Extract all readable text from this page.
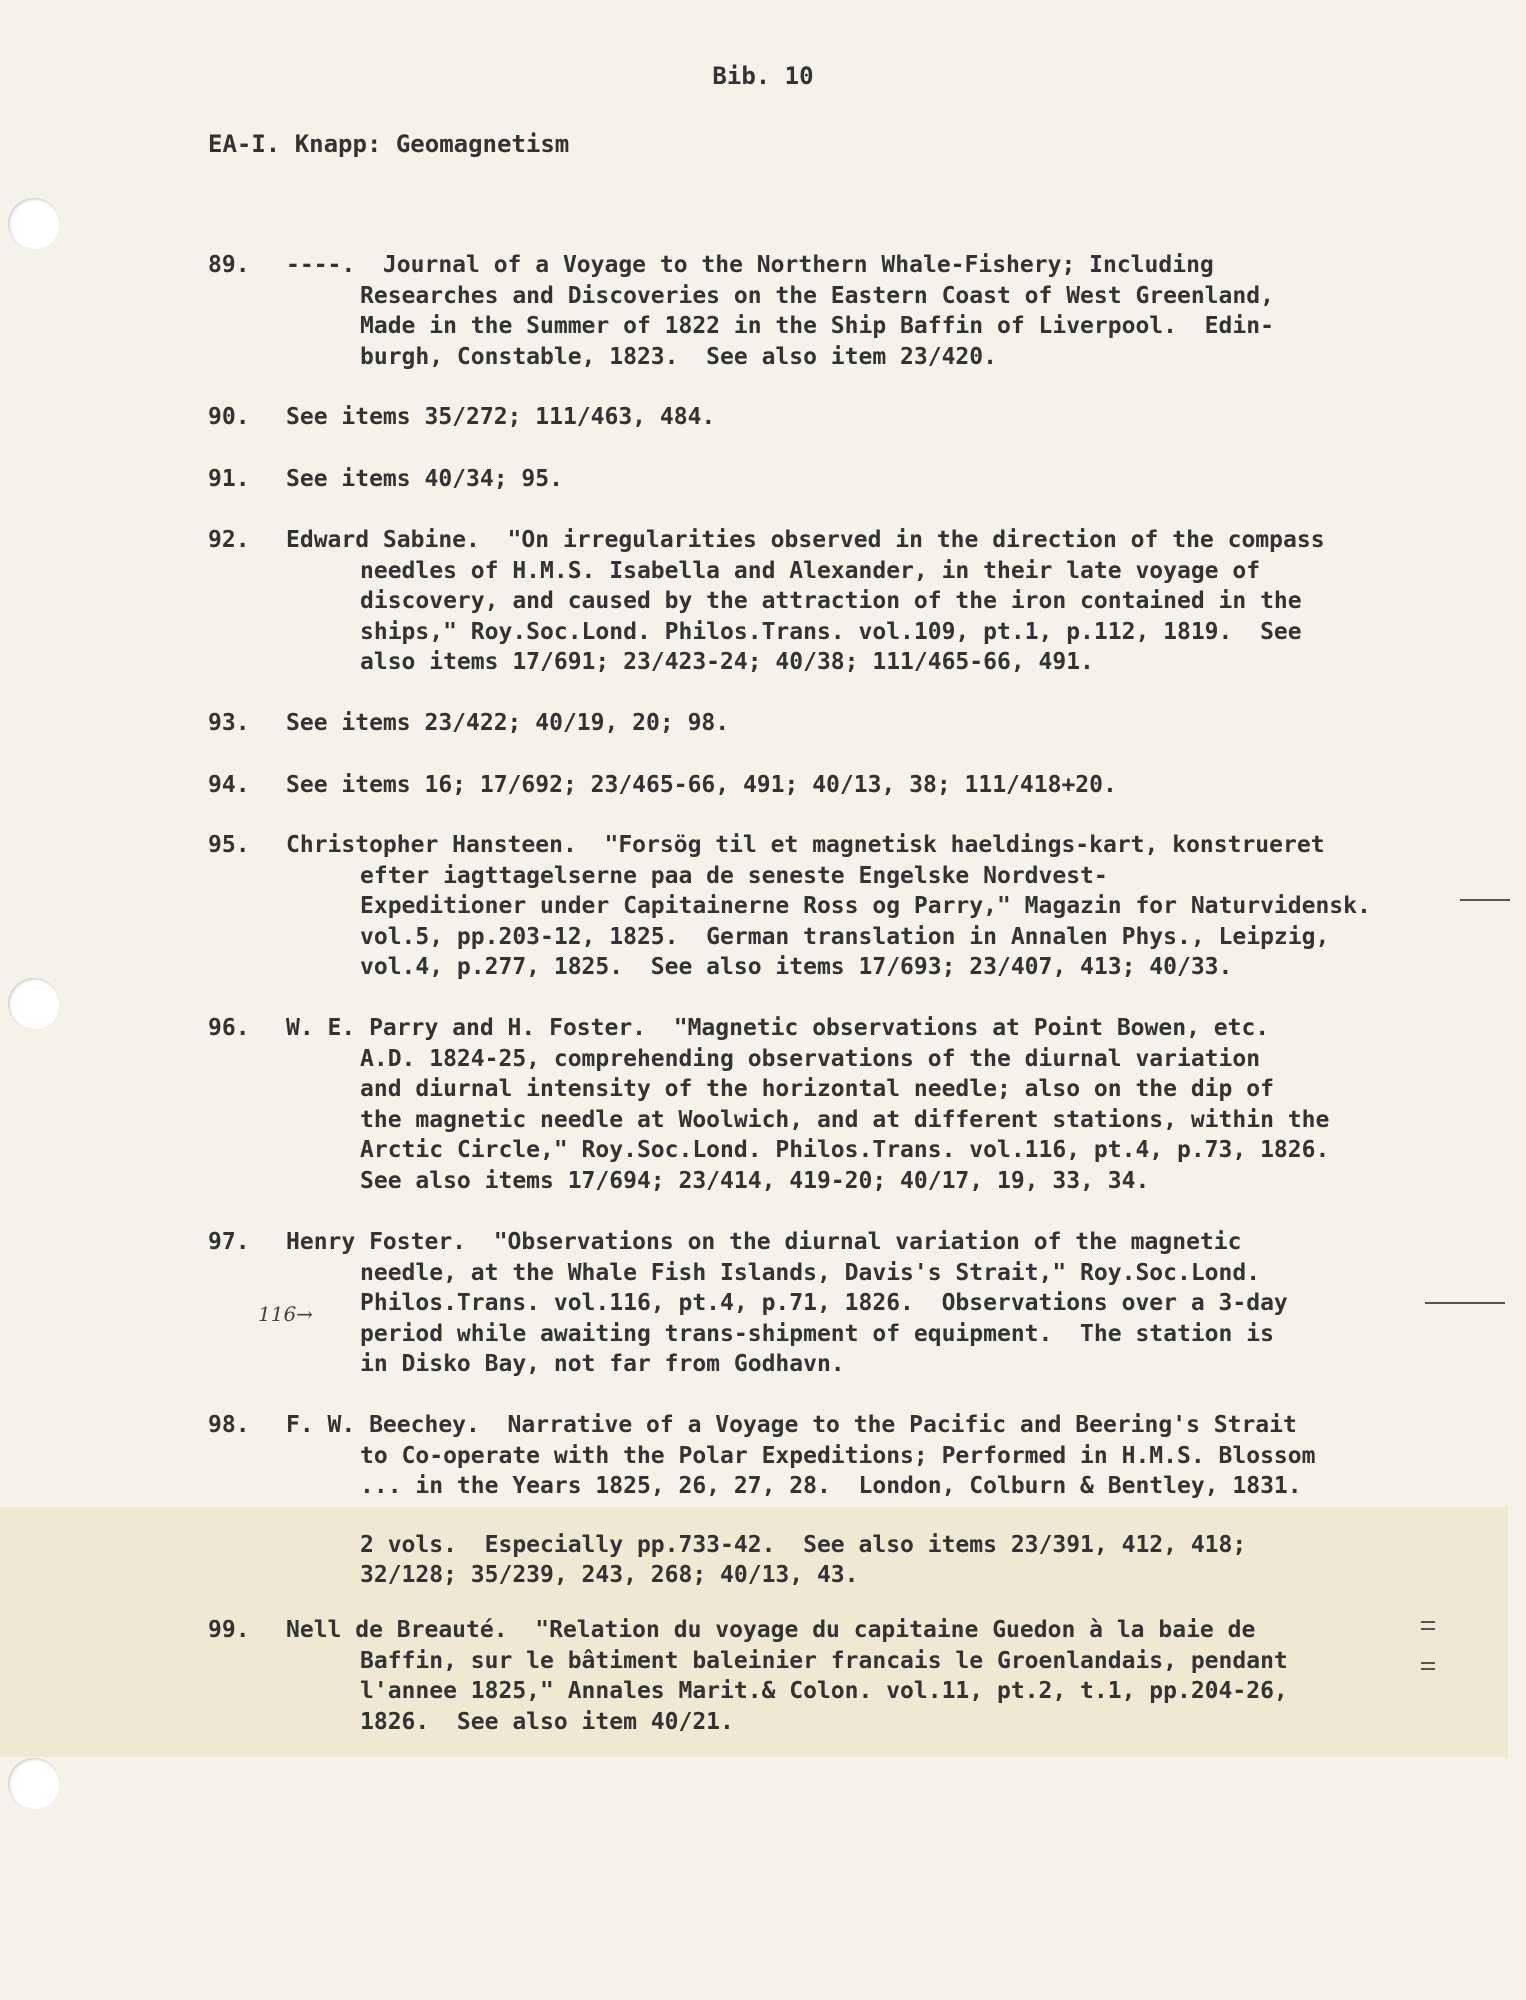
Bib. 10
EA-I. Knapp: Geomagnetism
89. ----.  Journal of a Voyage to the Northern Whale-Fishery; Including
Researches and Discoveries on the Eastern Coast of West Greenland,
Made in the Summer of 1822 in the Ship Baffin of Liverpool.  Edin-
burgh, Constable, 1823.  See also item 23/420.
90. See items 35/272; 111/463, 484.
91. See items 40/34; 95.
92. Edward Sabine.  "On irregularities observed in the direction of the compass
needles of H.M.S. Isabella and Alexander, in their late voyage of
discovery, and caused by the attraction of the iron contained in the
ships," Roy.Soc.Lond. Philos.Trans. vol.109, pt.1, p.112, 1819.  See
also items 17/691; 23/423-24; 40/38; 111/465-66, 491.
93. See items 23/422; 40/19, 20; 98.
94. See items 16; 17/692; 23/465-66, 491; 40/13, 38; 111/418+20.
95. Christopher Hansteen.  "Forsög til et magnetisk haeldings-kart, konstrueret
efter iagttagelserne paa de seneste Engelske Nordvest-
Expeditioner under Capitainerne Ross og Parry," Magazin for Naturvidensk.
vol.5, pp.203-12, 1825.  German translation in Annalen Phys., Leipzig,
vol.4, p.277, 1825.  See also items 17/693; 23/407, 413; 40/33.
96. W. E. Parry and H. Foster.  "Magnetic observations at Point Bowen, etc.
A.D. 1824-25, comprehending observations of the diurnal variation
and diurnal intensity of the horizontal needle; also on the dip of
the magnetic needle at Woolwich, and at different stations, within the
Arctic Circle," Roy.Soc.Lond. Philos.Trans. vol.116, pt.4, p.73, 1826.
See also items 17/694; 23/414, 419-20; 40/17, 19, 33, 34.
97. Henry Foster.  "Observations on the diurnal variation of the magnetic
needle, at the Whale Fish Islands, Davis's Strait," Roy.Soc.Lond.
Philos.Trans. vol.116, pt.4, p.71, 1826.  Observations over a 3-day
period while awaiting trans-shipment of equipment.  The station is
in Disko Bay, not far from Godhavn.
98. F. W. Beechey.  Narrative of a Voyage to the Pacific and Beering's Strait
to Co-operate with the Polar Expeditions; Performed in H.M.S. Blossom
... in the Years 1825, 26, 27, 28.  London, Colburn & Bentley, 1831.
2 vols.  Especially pp.733-42.  See also items 23/391, 412, 418;
32/128; 35/239, 243, 268; 40/13, 43.
99. Nell de Breauté.  "Relation du voyage du capitaine Guedon à la baie de
Baffin, sur le bâtiment baleinier francais le Groenlandais, pendant
l'annee 1825," Annales Marit.& Colon. vol.11, pt.2, t.1, pp.204-26,
1826.  See also item 40/21.
116→
